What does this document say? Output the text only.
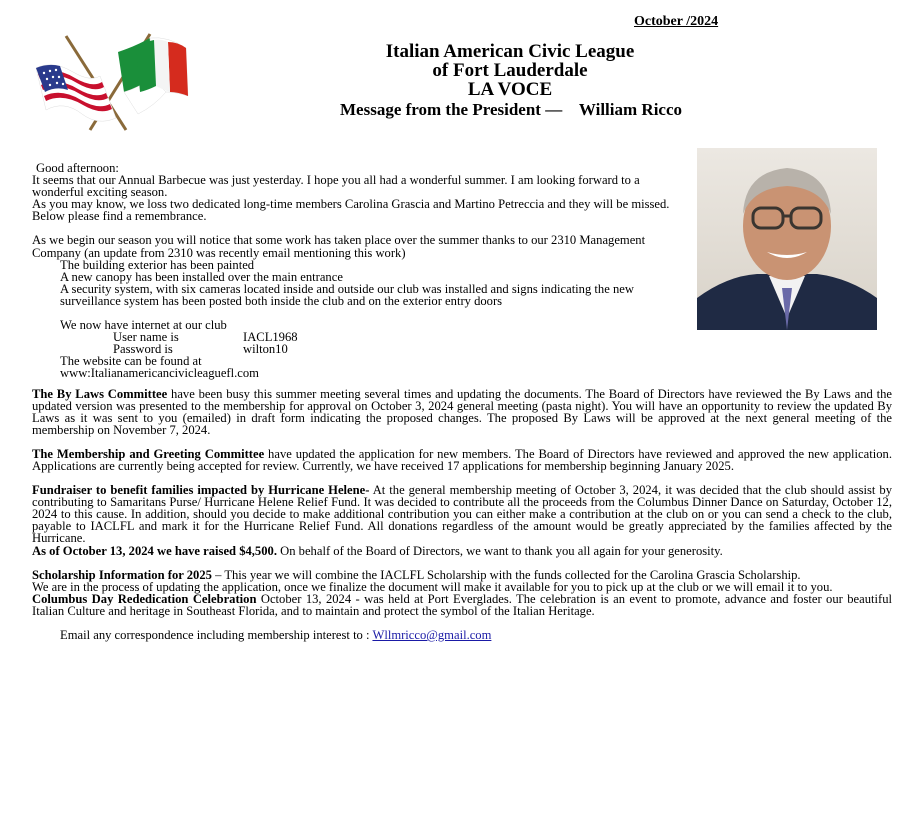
October /2024
Italian American Civic League
of Fort Lauderdale
LA VOCE
Message from the President — William Ricco

Good afternoon:

It seems that our Annual Barbecue was just yesterday. I hope you all had a wonderful summer. I am looking forward to a wonderful exciting season.

As you may know, we loss two dedicated long-time members Carolina Grascia and Martino Petreccia and they will be missed. Below please find a remembrance.

As we begin our season you will notice that some work has taken place over the summer thanks to our 2310 Management Company (an update from 2310 was recently email mentioning this work)

The building exterior has been painted

A new canopy has been installed over the main entrance

A security system, with six cameras located inside and outside our club was installed and signs indicating the new surveillance system has been posted both inside the club and on the exterior entry doors

We now have internet at our club

User name is	IACL1968

Password is	wilton10

The website can be found at

www:Italianamericancivicleaguefl.com

The By Laws Committee have been busy this summer meeting several times and updating the documents. The Board of Directors have reviewed the By Laws and the updated version was presented to the membership for approval on October 3, 2024 general meeting (pasta night). You will have an opportunity to review the updated By Laws as it was sent to you (emailed) in draft form indicating the proposed changes. The proposed By Laws will be approved at the next general meeting of the membership on November 7, 2024.

The Membership and Greeting Committee have updated the application for new members. The Board of Directors have reviewed and approved the new application. Applications are currently being accepted for review. Currently, we have received 17 applications for membership beginning January 2025.

Fundraiser to benefit families impacted by Hurricane Helene- At the general membership meeting of October 3, 2024, it was decided that the club should assist by contributing to Samaritans Purse/ Hurricane Helene Relief Fund. It was decided to contribute all the proceeds from the Columbus Dinner Dance on Saturday, October 12, 2024 to this cause. In addition, should you decide to make additional contribution you can either make a contribution at the club on or you can send a check to the club, payable to IACLFL and mark it for the Hurricane Relief Fund. All donations regardless of the amount would be greatly appreciated by the families affected by the Hurricane.

As of October 13, 2024 we have raised $4,500. On behalf of the Board of Directors, we want to thank you all again for your generosity.

Scholarship Information for 2025 – This year we will combine the IACLFL Scholarship with the funds collected for the Carolina Grascia Scholarship.

We are in the process of updating the application, once we finalize the document will make it available for you to pick up at the club or we will email it to you.

Columbus Day Rededication Celebration October 13, 2024 - was held at Port Everglades. The celebration is an event to promote, advance and foster our beautiful Italian Culture and heritage in Southeast Florida, and to maintain and protect the symbol of the Italian Heritage.

Email any correspondence including membership interest to : Wllmricco@gmail.com
